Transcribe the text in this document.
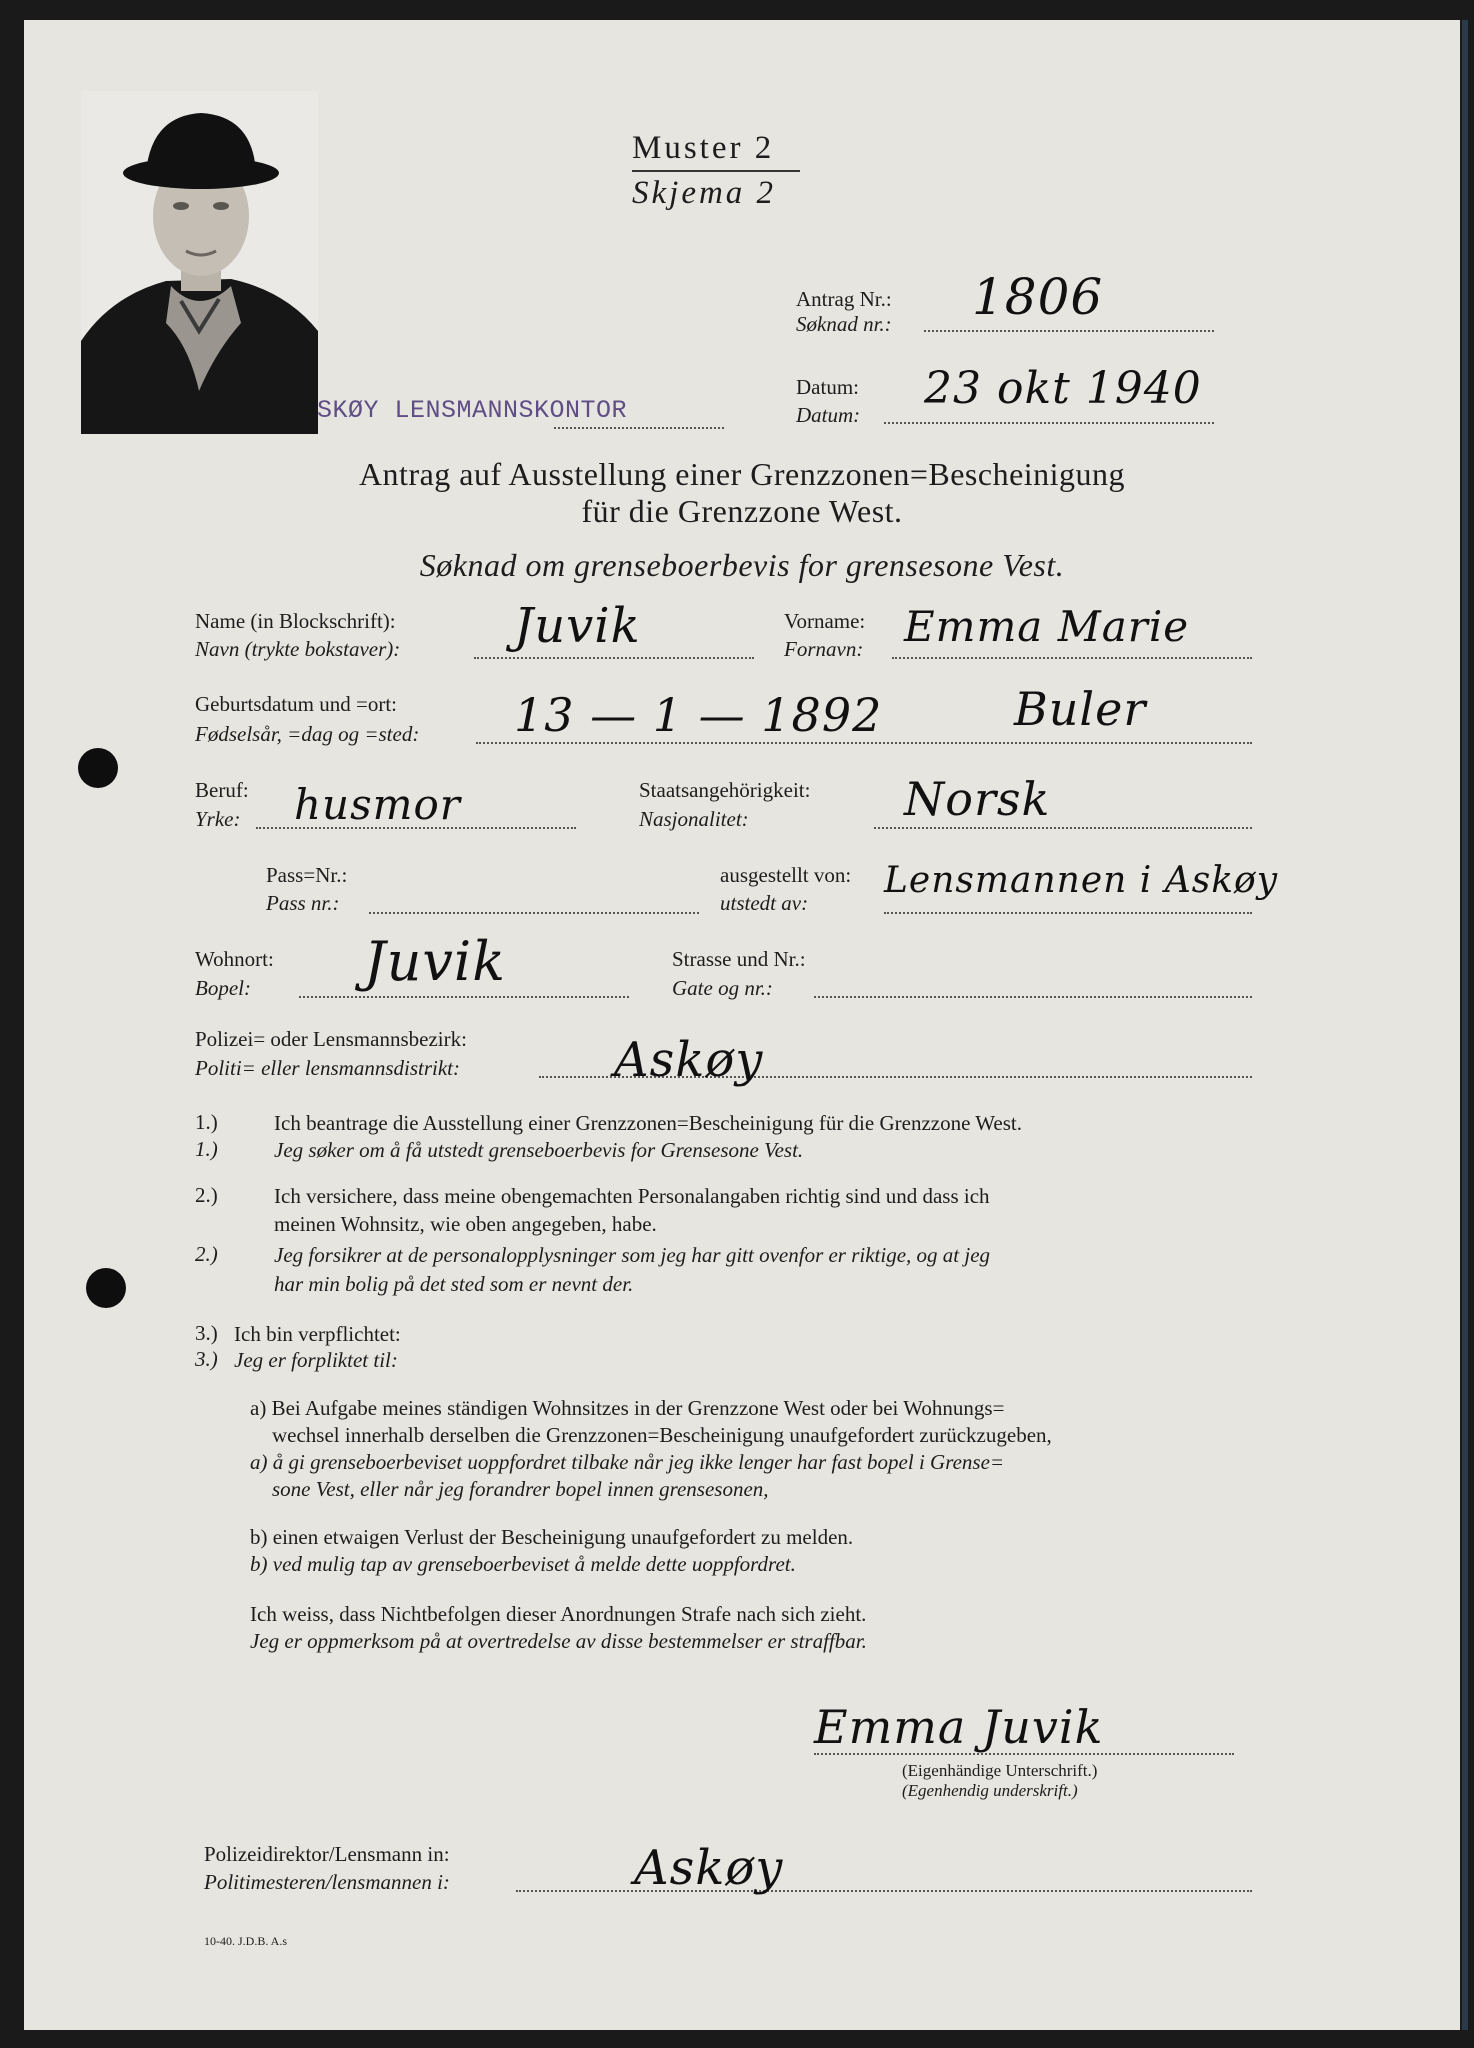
SKØY LENSMANNSKONTOR
Muster 2
Skjema 2
Antrag Nr.:
Søknad nr.: 1806
Datum:
Datum:
23 okt 1940
Antrag auf Ausstellung einer Grenzzonen=Bescheinigung
für die Grenzzone West.
Søknad om grenseboerbevis for grensesone Vest.
Name (in Blockschrift):
Navn (trykte bokstaver): Juvik	Vorname:
Fornavn: Emma Marie
Geburtsdatum und =ort:
Fødselsår, =dag og =sted: 13 — 1 — 1892	Buler
Beruf:
Yrke: husmor	Staatsangehörigkeit:
Nasjonalitet:	Norsk
Pass=Nr.:
Pass nr.:
ausgestellt von:
utstedt av:
Lensmannen i Askøy
Wohnort:
Bopel: Juvik	Strasse und Nr.:
Gate og nr.:
Polizei= oder Lensmannsbezirk:
Politi= eller lensmannsdistrikt:	Askøy
1.)
1.)
Ich beantrage die Ausstellung einer Grenzzonen=Bescheinigung für die Grenzzone West.
Jeg søker om å få utstedt grenseboerbevis for Grensesone Vest.
2.)	Ich versichere, dass meine obengemachten Personalangaben richtig sind und dass ich
meinen Wohnsitz, wie oben angegeben, habe.
2.)	Jeg forsikrer at de personalopplysninger som jeg har gitt ovenfor er riktige, og at jeg
har min bolig på det sted som er nevnt der.
3.) Ich bin verpflichtet:
3.) Jeg er forpliktet til:
a) Bei Aufgabe meines ständigen Wohnsitzes in der Grenzzone West oder bei Wohnungs=
wechsel innerhalb derselben die Grenzzonen=Bescheinigung unaufgefordert zurückzugeben,
a) å gi grenseboerbeviset uoppfordret tilbake når jeg ikke lenger har fast bopel i Grense=
sone Vest, eller når jeg forandrer bopel innen grensesonen,
b) einen etwaigen Verlust der Bescheinigung unaufgefordert zu melden.
b) ved mulig tap av grenseboerbeviset å melde dette uoppfordret.
Ich weiss, dass Nichtbefolgen dieser Anordnungen Strafe nach sich zieht.
Jeg er oppmerksom på at overtredelse av disse bestemmelser er straffbar.
Emma Juvik
(Eigenhändige Unterschrift.)
(Egenhendig underskrift.)
Polizeidirektor/Lensmann in:
Politimesteren/lensmannen i:	Askøy
10-40. J.D.B. A.s
